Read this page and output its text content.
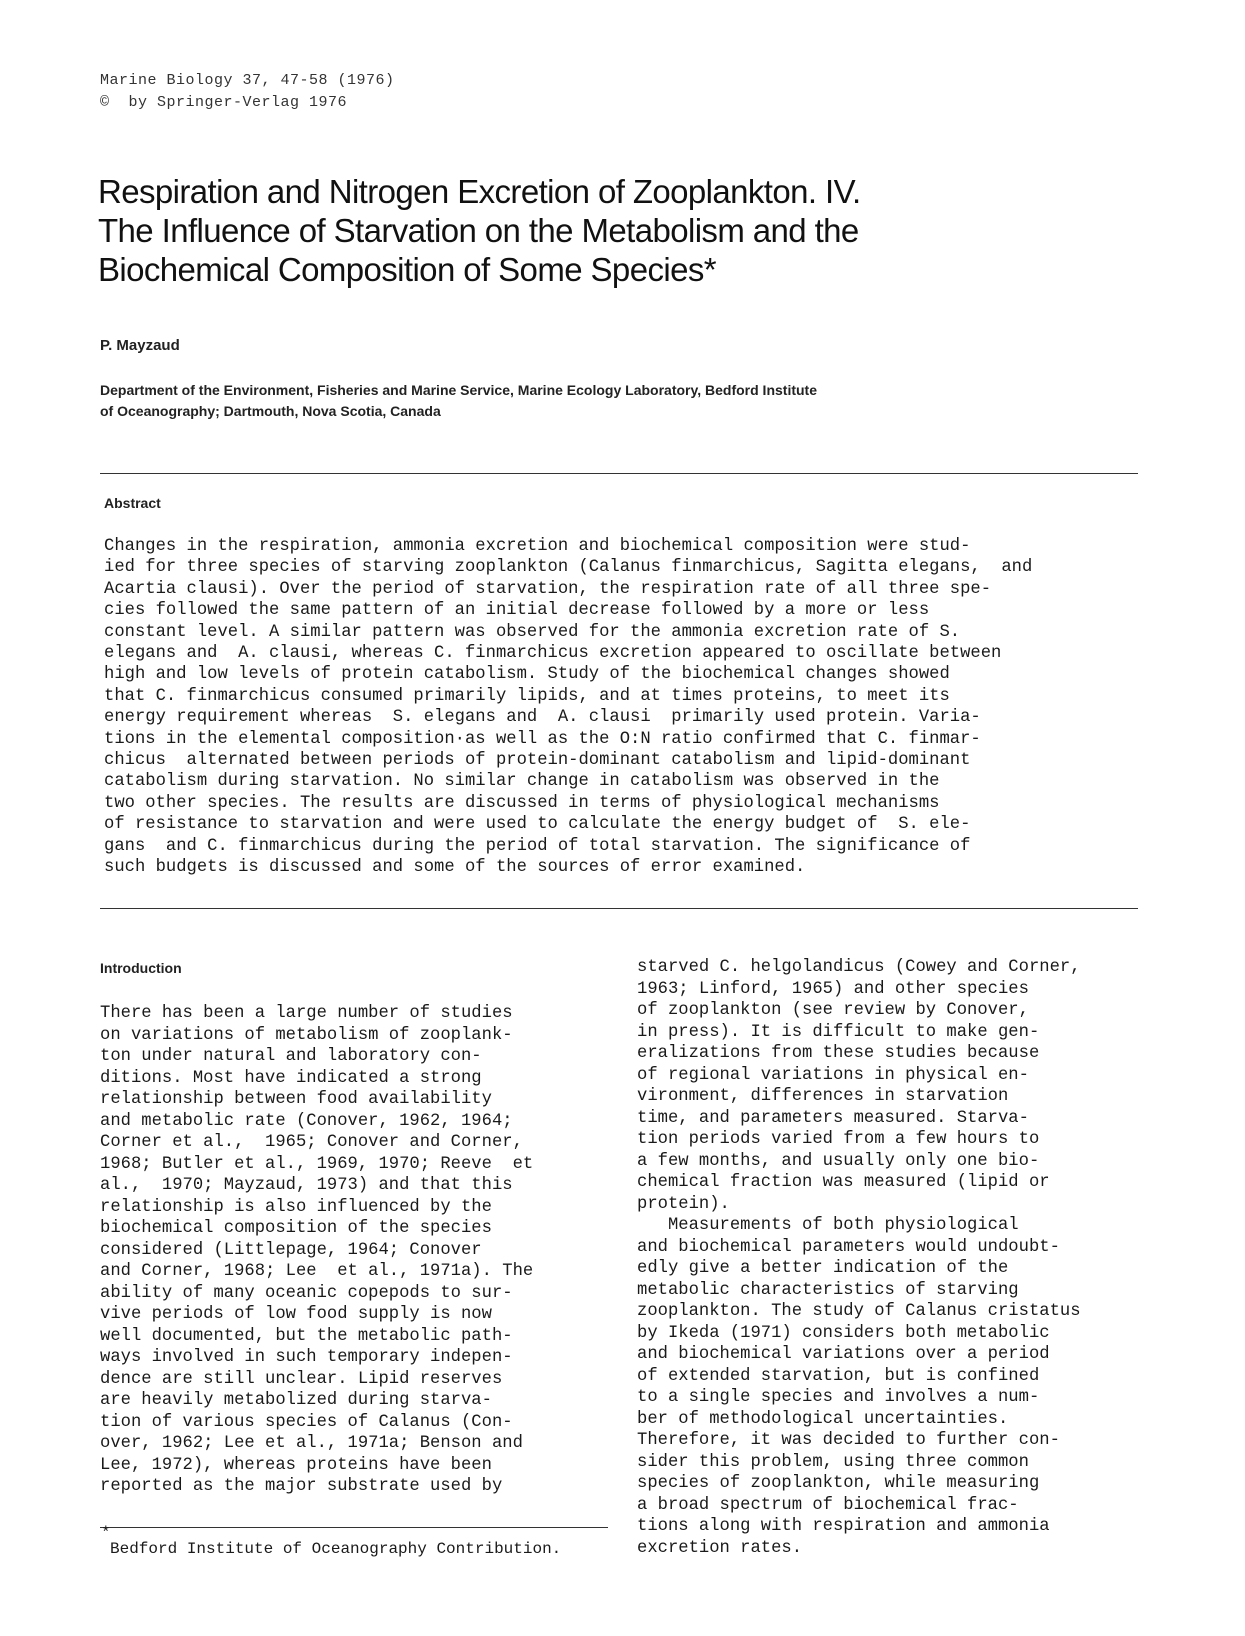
Marine Biology 37, 47-58 (1976)
©  by Springer-Verlag 1976
Respiration and Nitrogen Excretion of Zooplankton. IV.
The Influence of Starvation on the Metabolism and the
Biochemical Composition of Some Species*
P. Mayzaud
Department of the Environment, Fisheries and Marine Service, Marine Ecology Laboratory, Bedford Institute
of Oceanography; Dartmouth, Nova Scotia, Canada
Abstract
Changes in the respiration, ammonia excretion and biochemical composition were stud-
ied for three species of starving zooplankton (Calanus finmarchicus, Sagitta elegans,  and
Acartia clausi). Over the period of starvation, the respiration rate of all three spe-
cies followed the same pattern of an initial decrease followed by a more or less
constant level. A similar pattern was observed for the ammonia excretion rate of S.
elegans and  A. clausi, whereas C. finmarchicus excretion appeared to oscillate between
high and low levels of protein catabolism. Study of the biochemical changes showed
that C. finmarchicus consumed primarily lipids, and at times proteins, to meet its
energy requirement whereas  S. elegans and  A. clausi  primarily used protein. Varia-
tions in the elemental composition·as well as the O:N ratio confirmed that C. finmar-
chicus  alternated between periods of protein-dominant catabolism and lipid-dominant
catabolism during starvation. No similar change in catabolism was observed in the
two other species. The results are discussed in terms of physiological mechanisms
of resistance to starvation and were used to calculate the energy budget of  S. ele-
gans  and C. finmarchicus during the period of total starvation. The significance of
such budgets is discussed and some of the sources of error examined.
Introduction
There has been a large number of studies
on variations of metabolism of zooplank-
ton under natural and laboratory con-
ditions. Most have indicated a strong
relationship between food availability
and metabolic rate (Conover, 1962, 1964;
Corner et al.,  1965; Conover and Corner,
1968; Butler et al., 1969, 1970; Reeve  et
al.,  1970; Mayzaud, 1973) and that this
relationship is also influenced by the
biochemical composition of the species
considered (Littlepage, 1964; Conover
and Corner, 1968; Lee  et al., 1971a). The
ability of many oceanic copepods to sur-
vive periods of low food supply is now
well documented, but the metabolic path-
ways involved in such temporary indepen-
dence are still unclear. Lipid reserves
are heavily metabolized during starva-
tion of various species of Calanus (Con-
over, 1962; Lee et al., 1971a; Benson and
Lee, 1972), whereas proteins have been
reported as the major substrate used by
starved C. helgolandicus (Cowey and Corner,
1963; Linford, 1965) and other species
of zooplankton (see review by Conover,
in press). It is difficult to make gen-
eralizations from these studies because
of regional variations in physical en-
vironment, differences in starvation
time, and parameters measured. Starva-
tion periods varied from a few hours to
a few months, and usually only one bio-
chemical fraction was measured (lipid or
protein).
Measurements of both physiological
and biochemical parameters would undoubt-
edly give a better indication of the
metabolic characteristics of starving
zooplankton. The study of Calanus cristatus
by Ikeda (1971) considers both metabolic
and biochemical variations over a period
of extended starvation, but is confined
to a single species and involves a num-
ber of methodological uncertainties.
Therefore, it was decided to further con-
sider this problem, using three common
species of zooplankton, while measuring
a broad spectrum of biochemical frac-
tions along with respiration and ammonia
excretion rates.
*
Bedford Institute of Oceanography Contribution.
